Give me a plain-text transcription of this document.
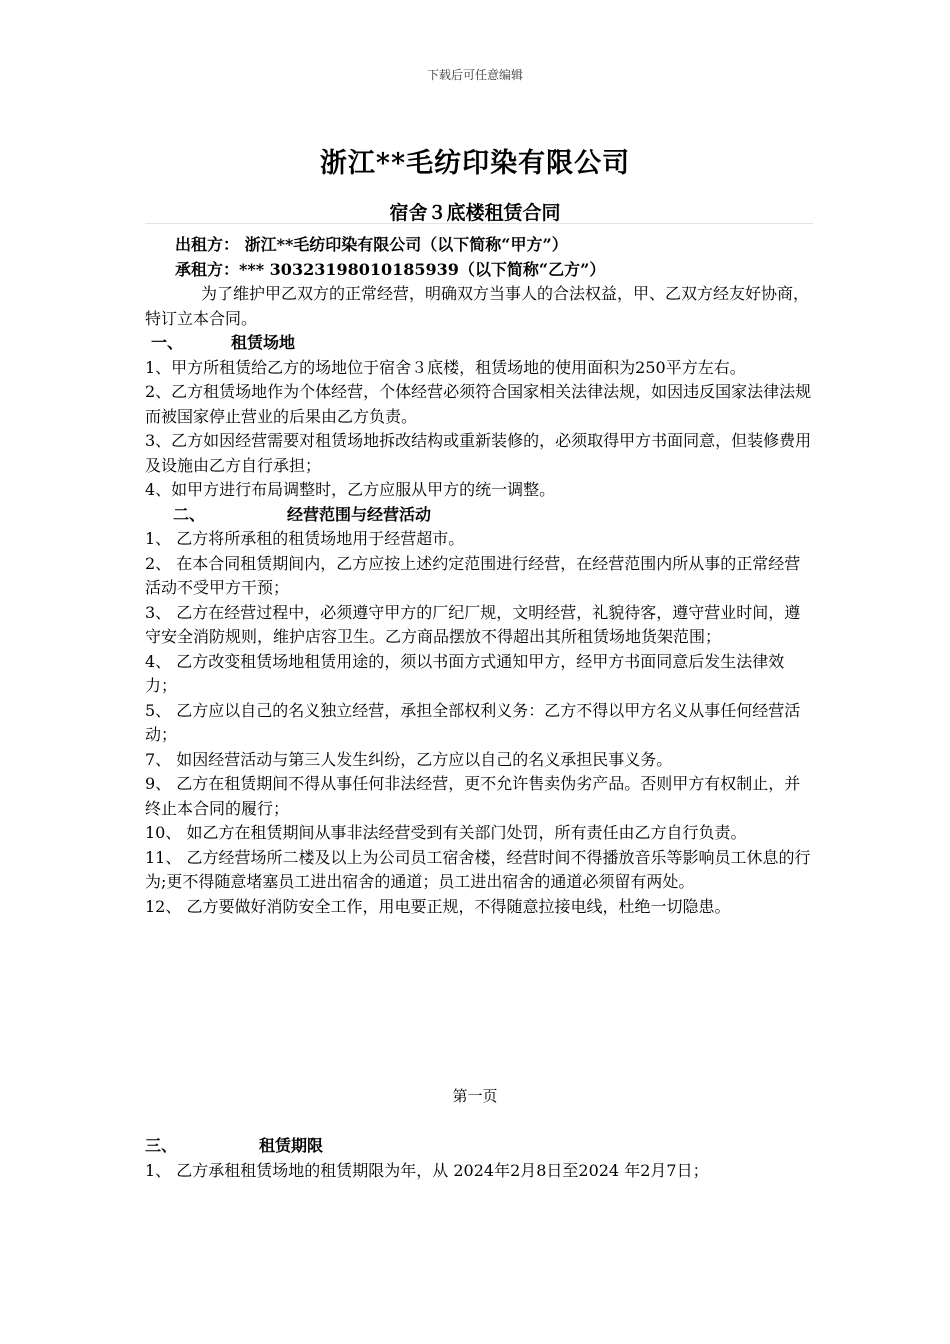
下载后可任意编辑
浙江**毛纺印染有限公司
宿舍３底楼租赁合同

出租方： 浙江**毛纺印染有限公司（以下简称“甲方”）

承租方：*** 30323198010185939（以下简称“乙方”）

为了维护甲乙双方的正常经营，明确双方当事人的合法权益，甲、乙双方经友好协商，特订立本合同。

一、	租赁场地

1、甲方所租赁给乙方的场地位于宿舍３底楼，租赁场地的使用面积为250平方左右。

2、乙方租赁场地作为个体经营，个体经营必须符合国家相关法律法规，如因违反国家法律法规而被国家停止营业的后果由乙方负责。

3、乙方如因经营需要对租赁场地拆改结构或重新装修的，必须取得甲方书面同意，但装修费用及设施由乙方自行承担；

4、如甲方进行布局调整时，乙方应服从甲方的统一调整。

二、	经营范围与经营活动

1、 乙方将所承租的租赁场地用于经营超市。

2、 在本合同租赁期间内，乙方应按上述约定范围进行经营，在经营范围内所从事的正常经营活动不受甲方干预；

3、 乙方在经营过程中，必须遵守甲方的厂纪厂规，文明经营，礼貌待客，遵守营业时间，遵守安全消防规则，维护店容卫生。乙方商品摆放不得超出其所租赁场地货架范围；

4、 乙方改变租赁场地租赁用途的，须以书面方式通知甲方，经甲方书面同意后发生法律效力；

5、 乙方应以自己的名义独立经营，承担全部权利义务：乙方不得以甲方名义从事任何经营活动；

7、 如因经营活动与第三人发生纠纷，乙方应以自己的名义承担民事义务。

9、 乙方在租赁期间不得从事任何非法经营，更不允许售卖伪劣产品。否则甲方有权制止，并终止本合同的履行；

10、 如乙方在租赁期间从事非法经营受到有关部门处罚，所有责任由乙方自行负责。

11、 乙方经营场所二楼及以上为公司员工宿舍楼，经营时间不得播放音乐等影响员工休息的行为;更不得随意堵塞员工进出宿舍的通道；员工进出宿舍的通道必须留有两处。

12、 乙方要做好消防安全工作，用电要正规，不得随意拉接电线，杜绝一切隐患。

第一页

三、	租赁期限

1、 乙方承租租赁场地的租赁期限为年，从 2024年2月8日至2024 年2月7日；
